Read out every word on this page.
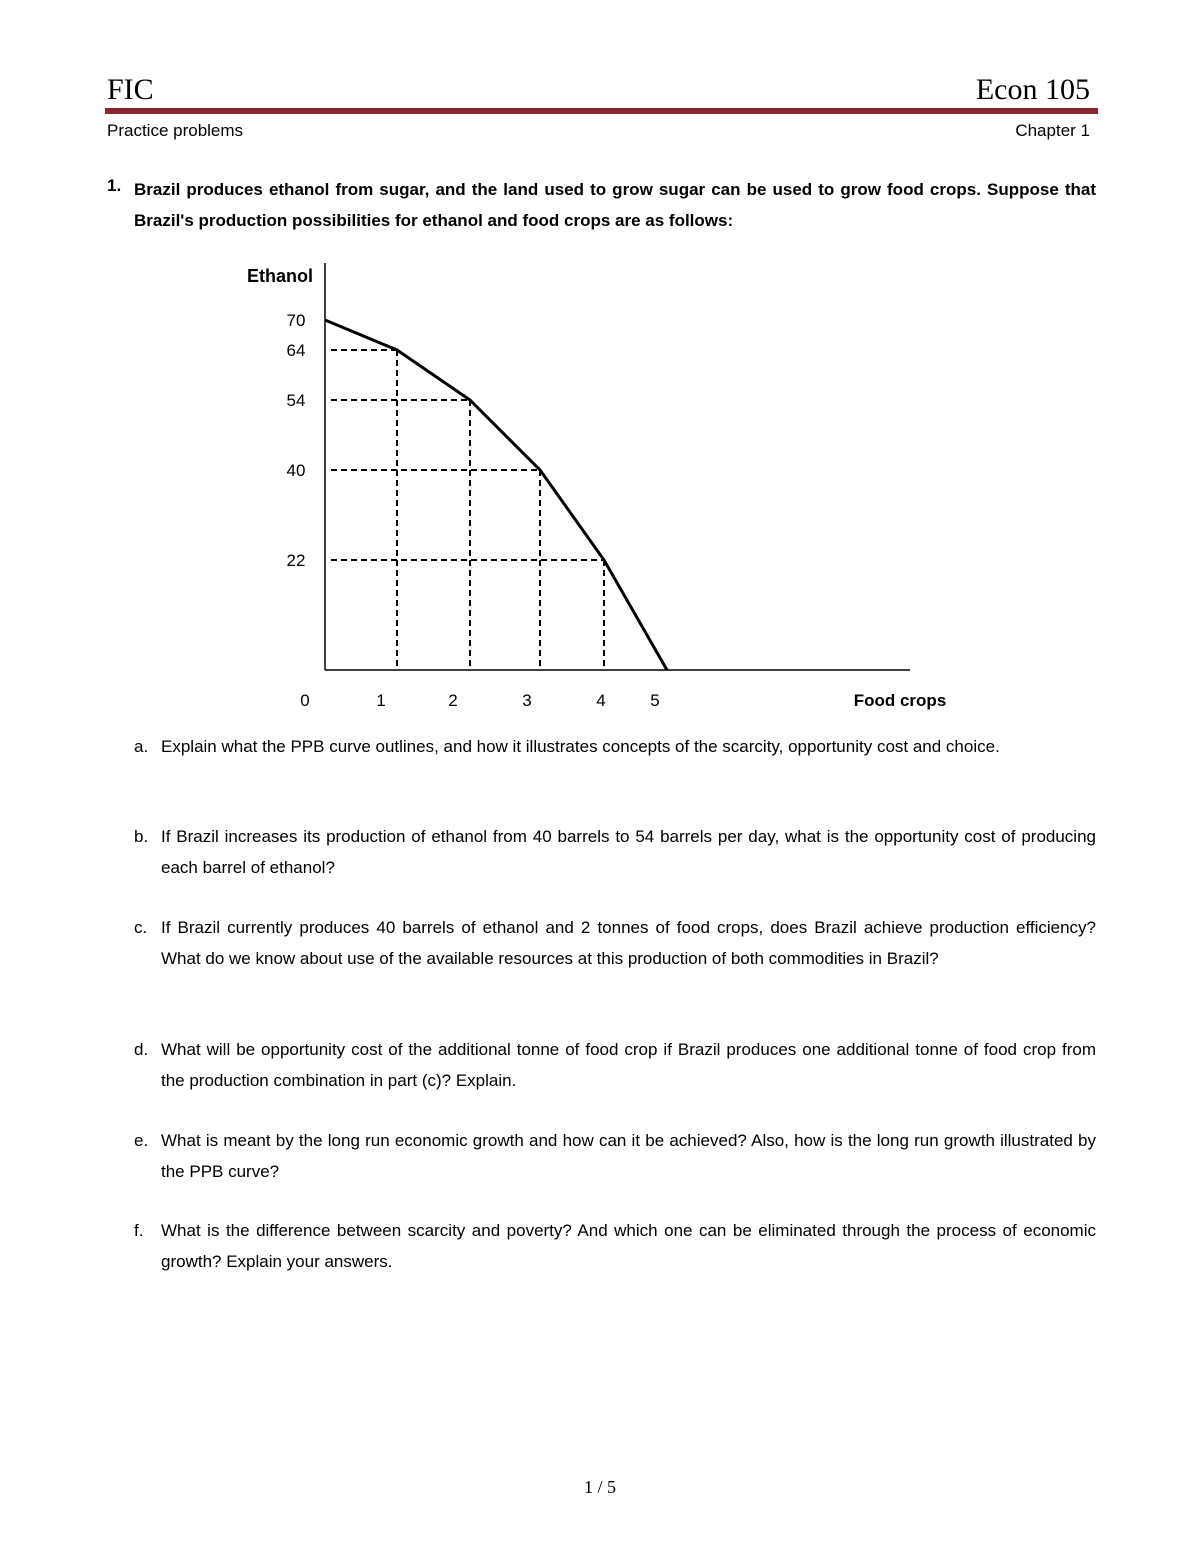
FIC	Econ 105
Practice problems	Chapter 1
1. Brazil produces ethanol from sugar, and the land used to grow sugar can be used to grow food crops. Suppose that Brazil's production possibilities for ethanol and food crops are as follows:
70
64
54
40
22
0	1	2	3	4	5
Ethanol
Food crops
a. Explain what the PPB curve outlines, and how it illustrates concepts of the scarcity, opportunity cost and choice.
b. If Brazil increases its production of ethanol from 40 barrels to 54 barrels per day, what is the opportunity cost of producing each barrel of ethanol?
c. If Brazil currently produces 40 barrels of ethanol and 2 tonnes of food crops, does Brazil achieve production efficiency? What do we know about use of the available resources at this production of both commodities in Brazil?
d. What will be opportunity cost of the additional tonne of food crop if Brazil produces one additional tonne of food crop from the production combination in part (c)? Explain.
e. What is meant by the long run economic growth and how can it be achieved? Also, how is the long run growth illustrated by the PPB curve?
f.	What is the difference between scarcity and poverty? And which one can be eliminated through the process of economic growth? Explain your answers.
1 / 5
